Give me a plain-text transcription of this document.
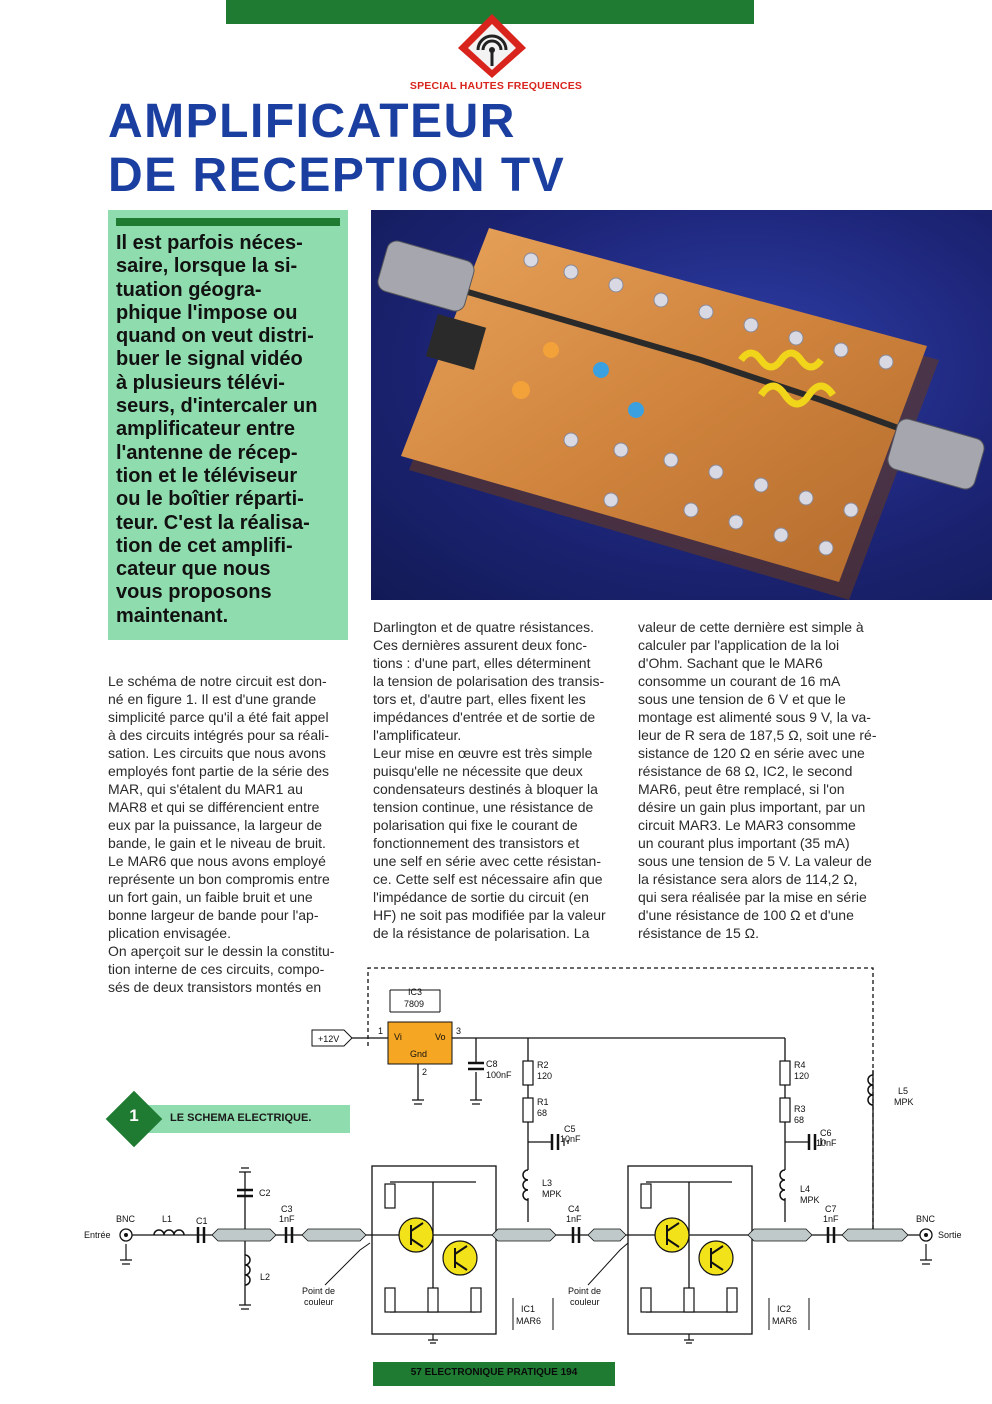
SPECIAL HAUTES FREQUENCES
AMPLIFICATEUR
DE RECEPTION TV

Il est parfois néces-
saire, lorsque la si-
tuation géogra-
phique l'impose ou
quand on veut distri-
buer le signal vidéo
à plusieurs télévi-
seurs, d'intercaler un
amplificateur entre
l'antenne de récep-
tion et le téléviseur
ou le boîtier réparti-
teur. C'est la réalisa-
tion de cet amplifi-
cateur que nous
vous proposons
maintenant.

Le schéma de notre circuit est don-
né en figure 1. Il est d'une grande
simplicité parce qu'il a été fait appel
à des circuits intégrés pour sa réali-
sation. Les circuits que nous avons
employés font partie de la série des
MAR, qui s'étalent du MAR1 au
MAR8 et qui se différencient entre
eux par la puissance, la largeur de
bande, le gain et le niveau de bruit.
Le MAR6 que nous avons employé
représente un bon compromis entre
un fort gain, un faible bruit et une
bonne largeur de bande pour l'ap-
plication envisagée.
On aperçoit sur le dessin la constitu-
tion interne de ces circuits, compo-
sés de deux transistors montés en
Darlington et de quatre résistances.
Ces dernières assurent deux fonc-
tions : d'une part, elles déterminent
la tension de polarisation des transis-
tors et, d'autre part, elles fixent les
impédances d'entrée et de sortie de
l'amplificateur.
Leur mise en œuvre est très simple
puisqu'elle ne nécessite que deux
condensateurs destinés à bloquer la
tension continue, une résistance de
polarisation qui fixe le courant de
fonctionnement des transistors et
une self en série avec cette résistan-
ce. Cette self est nécessaire afin que
l'impédance de sortie du circuit (en
HF) ne soit pas modifiée par la valeur
de la résistance de polarisation. La
valeur de cette dernière est simple à
calculer par l'application de la loi
d'Ohm. Sachant que le MAR6
consomme un courant de 16 mA
sous une tension de 6 V et que le
montage est alimenté sous 9 V, la va-
leur de R sera de 187,5 Ω, soit une ré-
sistance de 120 Ω en série avec une
résistance de 68 Ω, IC2, le second
MAR6, peut être remplacé, si l'on
désire un gain plus important, par un
circuit MAR3. Le MAR3 consomme
un courant plus important (35 mA)
sous une tension de 5 V. La valeur de
la résistance sera alors de 114,2 Ω,
qui sera réalisée par la mise en série
d'une résistance de 100 Ω et d'une
résistance de 15 Ω.
1	LE SCHEMA ELECTRIQUE.
+12V
IC3
7809
Vi	Vo
Gnd
1	3
2
C8
100nF
R2
120
R1
68
C5
10nF
L3
MPK
R4
120
R3
68
C6
10nF
L4
MPK
L5
MPK
BNC
Entrée
L1	C1
C2
L2
C3
1nF
C4
1nF
C7
1nF	BNC
Sortie
Point de
couleur
Point de
couleur
IC1
MAR6
IC2
MAR6
57 ELECTRONIQUE PRATIQUE 194
